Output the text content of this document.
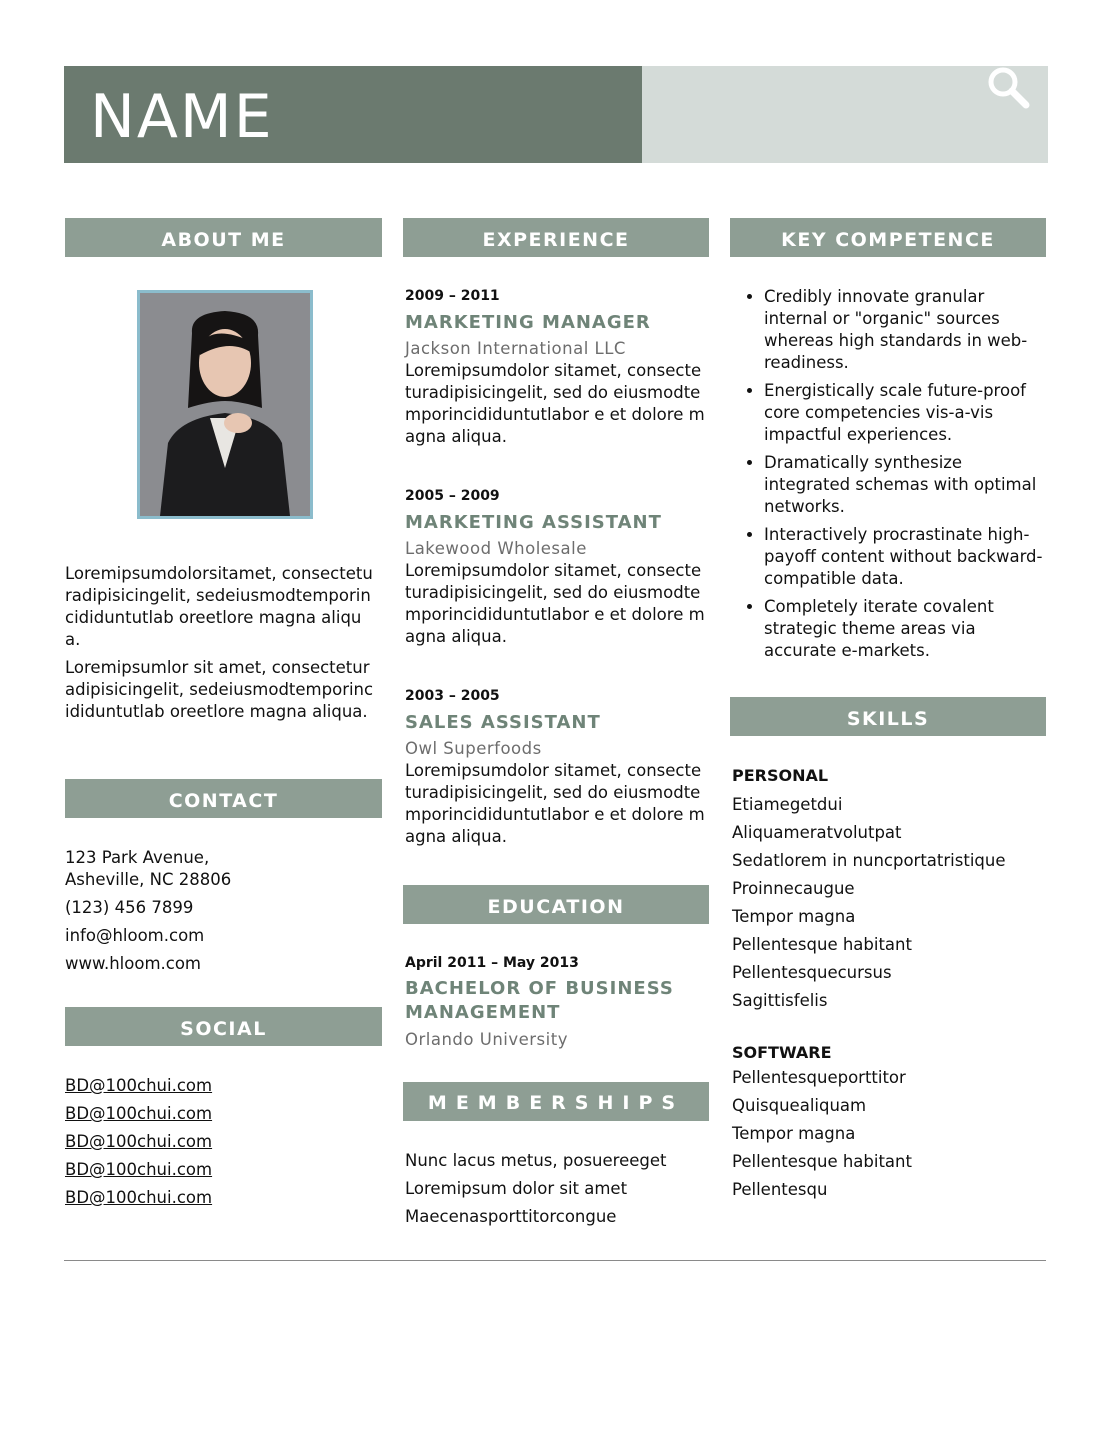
NAME
ABOUT ME

Loremipsumdolorsitamet, consecteturadipisicingelit, sedeiusmodtemporincididuntutlab oreetlore magna aliqua.

Loremipsumlor sit amet, consecteturadipisicingelit, sedeiusmodtemporincididuntutlab oreetlore magna aliqua.

CONTACT
123 Park Avenue,
Asheville, NC 28806
(123) 456 7899
info@hloom.com
www.hloom.com
SOCIAL
BD@100chui.com
BD@100chui.com
BD@100chui.com
BD@100chui.com
BD@100chui.com
EXPERIENCE
2009 – 2011
MARKETING MANAGER
Jackson International LLC
Loremipsumdolor sitamet, consecteturadipisicingelit, sed do eiusmodtemporincididuntutlabor e et dolore magna aliqua.
2005 – 2009
MARKETING ASSISTANT
Lakewood Wholesale
Loremipsumdolor sitamet, consecteturadipisicingelit, sed do eiusmodtemporincididuntutlabor e et dolore magna aliqua.
2003 – 2005
SALES ASSISTANT
Owl Superfoods
Loremipsumdolor sitamet, consecteturadipisicingelit, sed do eiusmodtemporincididuntutlabor e et dolore magna aliqua.
EDUCATION
April 2011 – May 2013
BACHELOR OF BUSINESS
MANAGEMENT
Orlando University
MEMBERSHIPS
Nunc lacus metus, posuereeget
Loremipsum dolor sit amet
Maecenasporttitorcongue
KEY COMPETENCE
• Credibly innovate granular internal or "organic" sources whereas high standards in web-readiness.
• Energistically scale future-proof core competencies vis-a-vis impactful experiences.
• Dramatically synthesize integrated schemas with optimal networks.
• Interactively procrastinate high-payoff content without backward-compatible data.
• Completely iterate covalent strategic theme areas via accurate e-markets.
SKILLS
PERSONAL
Etiamegetdui
Aliquameratvolutpat
Sedatlorem in nuncportatristique
Proinnecaugue
Tempor magna
Pellentesque habitant
Pellentesquecursus
Sagittisfelis
SOFTWARE
Pellentesqueporttitor
Quisquealiquam
Tempor magna
Pellentesque habitant
Pellentesqu
